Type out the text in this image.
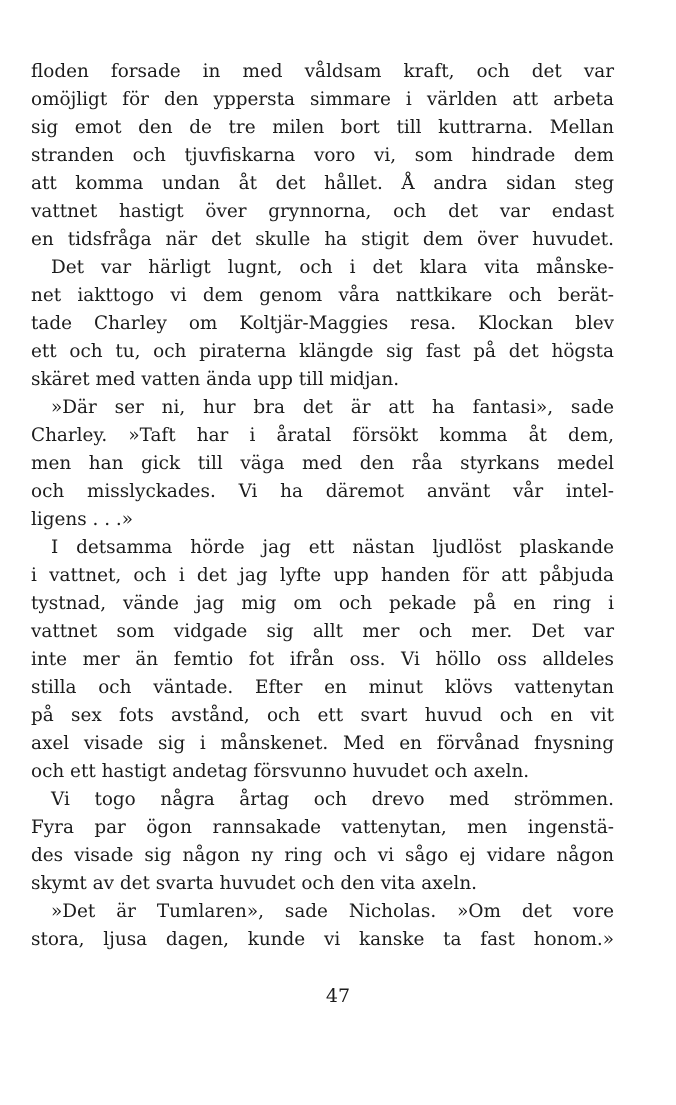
floden forsade in med våldsam kraft, och det var
omöjligt för den yppersta simmare i världen att arbeta
sig emot den de tre milen bort till kuttrarna. Mellan
stranden och tjuvfiskarna voro vi, som hindrade dem
att komma undan åt det hållet. Å andra sidan steg
vattnet hastigt över grynnorna, och det var endast
en tidsfråga när det skulle ha stigit dem över huvudet.
Det var härligt lugnt, och i det klara vita månske-
net iakttogo vi dem genom våra nattkikare och berät-
tade Charley om Koltjär-Maggies resa. Klockan blev
ett och tu, och piraterna klängde sig fast på det högsta
skäret med vatten ända upp till midjan.
»Där ser ni, hur bra det är att ha fantasi», sade
Charley. »Taft har i åratal försökt komma åt dem,
men han gick till väga med den råa styrkans medel
och misslyckades. Vi ha däremot använt vår intel-
ligens . . .»
I detsamma hörde jag ett nästan ljudlöst plaskande
i vattnet, och i det jag lyfte upp handen för att påbjuda
tystnad, vände jag mig om och pekade på en ring i
vattnet som vidgade sig allt mer och mer. Det var
inte mer än femtio fot ifrån oss. Vi höllo oss alldeles
stilla och väntade. Efter en minut klövs vattenytan
på sex fots avstånd, och ett svart huvud och en vit
axel visade sig i månskenet. Med en förvånad fnysning
och ett hastigt andetag försvunno huvudet och axeln.
Vi togo några årtag och drevo med strömmen.
Fyra par ögon rannsakade vattenytan, men ingenstä-
des visade sig någon ny ring och vi sågo ej vidare någon
skymt av det svarta huvudet och den vita axeln.
»Det är Tumlaren», sade Nicholas. »Om det vore
stora, ljusa dagen, kunde vi kanske ta fast honom.»
47
